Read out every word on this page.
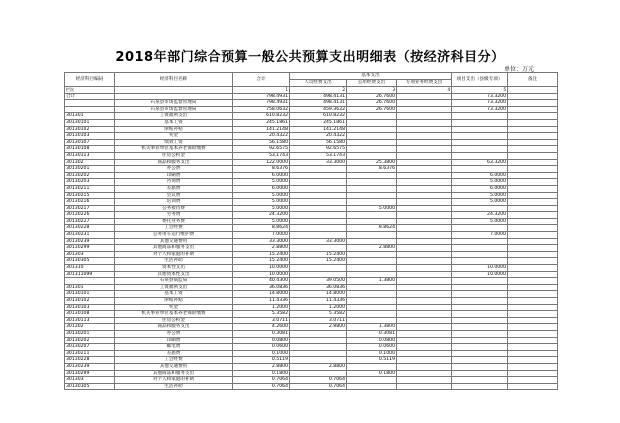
2018年部门综合预算一般公共预算支出明细表（按经济科目分）
单位：万元
经济科目编码	经济科目名称	合计	基本支出			项目支出（县级专项）	备注
			人员经费支出	公用经费支出	专项业务经费支出		
栏次		1	2	3	4	5	
合计		798.4931	498.4131	26.7600		73.3200	
	石泉县市场监督管理局	798.4931	498.4131	26.7600		73.3200	
	石泉县市场监督管理局	758.0632	459.3632	26.7600		73.3200	
301301	工资福利支出	610.8232	610.8232				
30130101	基本工资	245.1861	245.1861				
30130102	津贴补贴	141.2148	141.2148				
30130103	奖金	20.4322	20.4322				
30130107	绩效工资	56.1580	56.1580				
30130108	机关事业单位基本养老保险缴费	92.6575	92.6575				
30130113	住房公积金	53.1743	53.1743				
301302	商品和服务支出	122.0000	33.3000	25.3800		63.3200	
30130201	办公费	8.6376		8.6376			
30130202	印刷费	6.0000				6.0000	
30130203	咨询费	5.0000				5.0000	
30130211	差旅费	6.0000				6.0000	
30130215	会议费	5.0000				5.0000	
30130216	培训费	5.0000				5.0000	
30130217	公务接待费	5.0000		5.0000			
30130226	劳务费	24.3200				24.3200	
30130227	委托业务费	5.0000				5.0000	
30130228	工会经费	8.8624		8.8624			
30130231	公务用车运行维护费	7.0000				7.0000	
30130239	其他交通费用	33.3000	33.3000				
30130299	其他商品和服务支出	2.8800		2.8800			
301303	对个人和家庭的补助	15.2400	15.2400				
30130305	生活补助	15.2400	15.2400				
301310	资本性支出	10.0000				10.0000	
301311099	其他资本性支出	10.0000				10.0000	
	石泉县质监局	40.4300	39.0500	1.3800			
301301	工资福利支出	36.0836	36.0836				
30130101	基本工资	14.8000	14.8000				
30130102	津贴补贴	11.4336	11.4336				
30130103	奖金	1.2000	1.2000				
30130108	机关事业单位基本养老保险缴费	5.3582	5.3582				
30130113	住房公积金	3.0711	3.0711				
301302	商品和服务支出	4.2600	2.8800	1.3800			
30130201	办公费	0.3081		0.3081			
30130202	印刷费	0.0800		0.0800			
30130207	邮电费	0.0600		0.0600			
30130211	差旅费	0.1000		0.1000			
30130228	工会经费	0.5119		0.5119			
30130239	其他交通费用	2.8800	2.8800				
30130299	其他商品和服务支出	0.1800		0.1800			
301303	对个人和家庭的补助	0.7064	0.7064				
30130305	生活补助	0.7064	0.7064				
